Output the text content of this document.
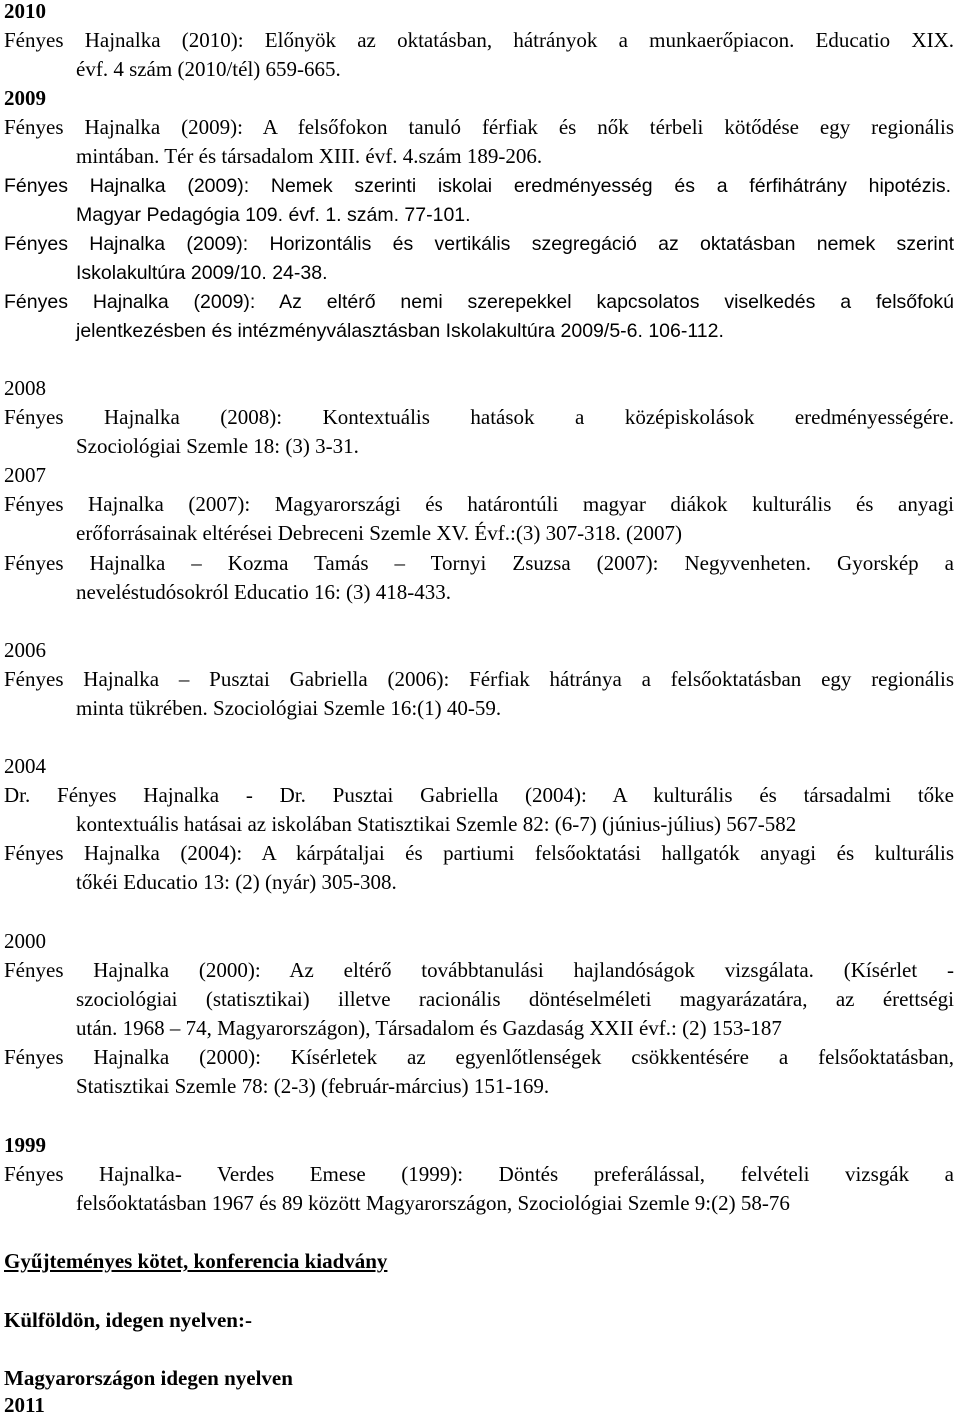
2010
Fényes Hajnalka (2010): Előnyök az oktatásban, hátrányok a munkaerőpiacon. Educatio XIX.
évf. 4 szám (2010/tél) 659-665.
2009
Fényes Hajnalka (2009): A felsőfokon tanuló férfiak és nők térbeli kötődése egy regionális
mintában. Tér és társadalom XIII. évf. 4.szám 189-206.
Fényes Hajnalka (2009): Nemek szerinti iskolai eredményesség és a férfihátrány hipotézis.
Magyar Pedagógia 109. évf. 1. szám. 77-101.
Fényes Hajnalka (2009): Horizontális és vertikális szegregáció az oktatásban nemek szerint
Iskolakultúra 2009/10. 24-38.
Fényes Hajnalka (2009): Az eltérő nemi szerepekkel kapcsolatos viselkedés a felsőfokú
jelentkezésben és intézményválasztásban Iskolakultúra 2009/5-6. 106-112.
2008
Fényes Hajnalka (2008): Kontextuális hatások a középiskolások eredményességére.
Szociológiai Szemle 18: (3) 3-31.
2007
Fényes Hajnalka (2007): Magyarországi és határontúli magyar diákok kulturális és anyagi
erőforrásainak eltérései Debreceni Szemle XV. Évf.:(3) 307-318. (2007)
Fényes Hajnalka – Kozma Tamás – Tornyi Zsuzsa (2007): Negyvenheten. Gyorskép a
neveléstudósokról Educatio 16: (3) 418-433.
2006
Fényes Hajnalka – Pusztai Gabriella (2006): Férfiak hátránya a felsőoktatásban egy regionális
minta tükrében. Szociológiai Szemle 16:(1) 40-59.
2004
Dr. Fényes Hajnalka - Dr. Pusztai Gabriella (2004): A kulturális és társadalmi tőke
kontextuális hatásai az iskolában Statisztikai Szemle 82: (6-7) (június-július) 567-582
Fényes Hajnalka (2004): A kárpátaljai és partiumi felsőoktatási hallgatók anyagi és kulturális
tőkéi Educatio 13: (2) (nyár) 305-308.
2000
Fényes Hajnalka (2000): Az eltérő továbbtanulási hajlandóságok vizsgálata. (Kísérlet -
szociológiai (statisztikai) illetve racionális döntéselméleti magyarázatára, az érettségi
után. 1968 – 74, Magyarországon), Társadalom és Gazdaság XXII évf.: (2) 153-187
Fényes Hajnalka (2000): Kísérletek az egyenlőtlenségek csökkentésére a felsőoktatásban,
Statisztikai Szemle 78: (2-3) (február-március) 151-169.
1999
Fényes Hajnalka- Verdes Emese (1999): Döntés preferálással, felvételi vizsgák a
felsőoktatásban 1967 és 89 között Magyarországon, Szociológiai Szemle 9:(2) 58-76
Gyűjteményes kötet, konferencia kiadvány
Külföldön, idegen nyelven:-
Magyarországon idegen nyelven
2011
